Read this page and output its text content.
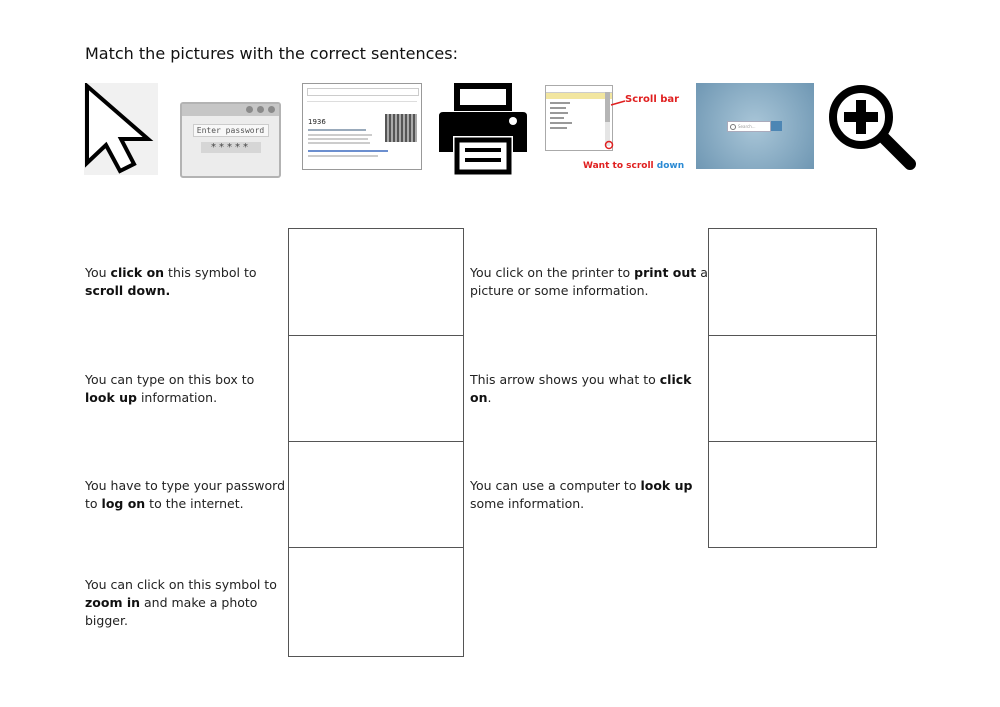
Match the pictures with the correct sentences:
Enter password
*****
1936
Scroll bar
Want to scroll down
Search...
You click on this symbol to scroll down.
You can type on this box to look up information.
You have to type your password to log on to the internet.
You can click on this symbol to zoom in and make a photo bigger.
You click on the printer to print out a picture or some information.
This arrow shows you what to click on.
You can use a computer to look up some information.
